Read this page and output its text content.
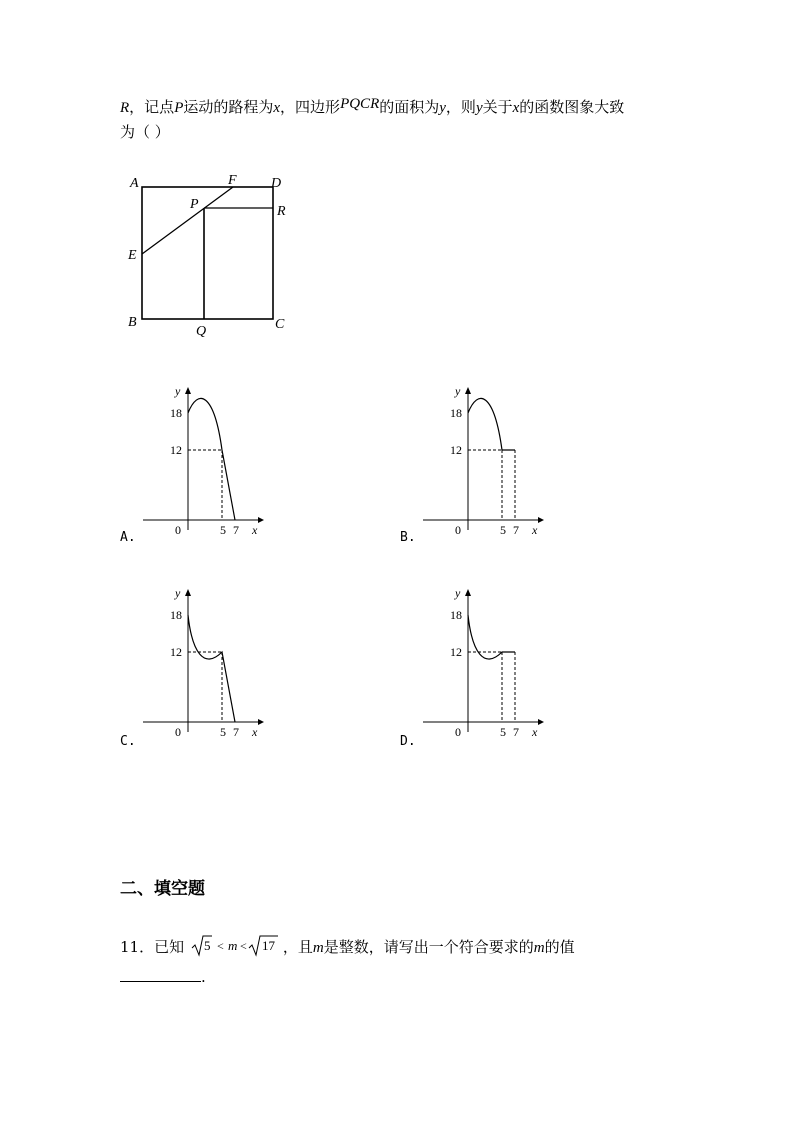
R，记点P运动的路程为x，四边形PQCR的面积为y，则y关于x的函数图象大致
为（ ）
A	F D
P	R
E
B
Q	C
y
18
12
0	5 7 x
A.
y
18
12
0	5 7 x
B.
y
18
12
0	5 7 x
C.
y
18
12
0	5 7 x
D.
二、填空题
11．已知 5 < m < 17 ，且m是整数，请写出一个符合要求的m的值
.
